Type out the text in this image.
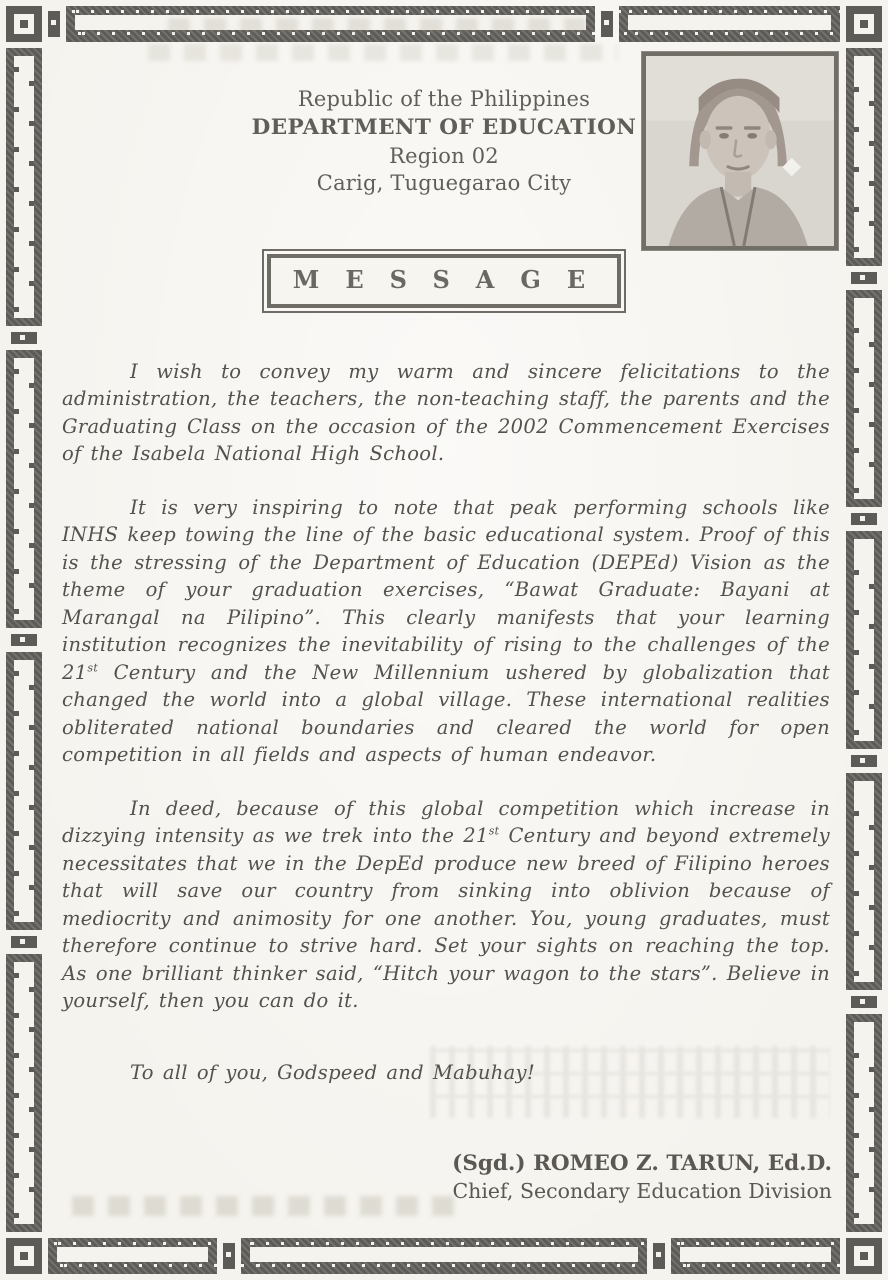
Republic of the Philippines
DEPARTMENT OF EDUCATION
Region 02
Carig, Tuguegarao City
MESSAGE

I wish to convey my warm and sincere felicitations to the administration, the teachers, the non-teaching staff, the parents and the Graduating Class on the occasion of the 2002 Commencement Exercises of the Isabela National High School.

It is very inspiring to note that peak performing schools like INHS keep towing the line of the basic educational system. Proof of this is the stressing of the Department of Education (DEPEd) Vision as the theme of your graduation exercises, “Bawat Graduate: Bayani at Marangal na Pilipino”. This clearly manifests that your learning institution recognizes the inevitability of rising to the challenges of the 21st Century and the New Millennium ushered by globalization that changed the world into a global village. These international realities obliterated national boundaries and cleared the world for open competition in all fields and aspects of human endeavor.

In deed, because of this global competition which increase in dizzying intensity as we trek into the 21st Century and beyond extremely necessitates that we in the DepEd produce new breed of Filipino heroes that will save our country from sinking into oblivion because of mediocrity and animosity for one another. You, young graduates, must therefore continue to strive hard. Set your sights on reaching the top. As one brilliant thinker said, “Hitch your wagon to the stars”. Believe in yourself, then you can do it.

To all of you, Godspeed and Mabuhay!

(Sgd.) ROMEO Z. TARUN, Ed.D.
Chief, Secondary Education Division
